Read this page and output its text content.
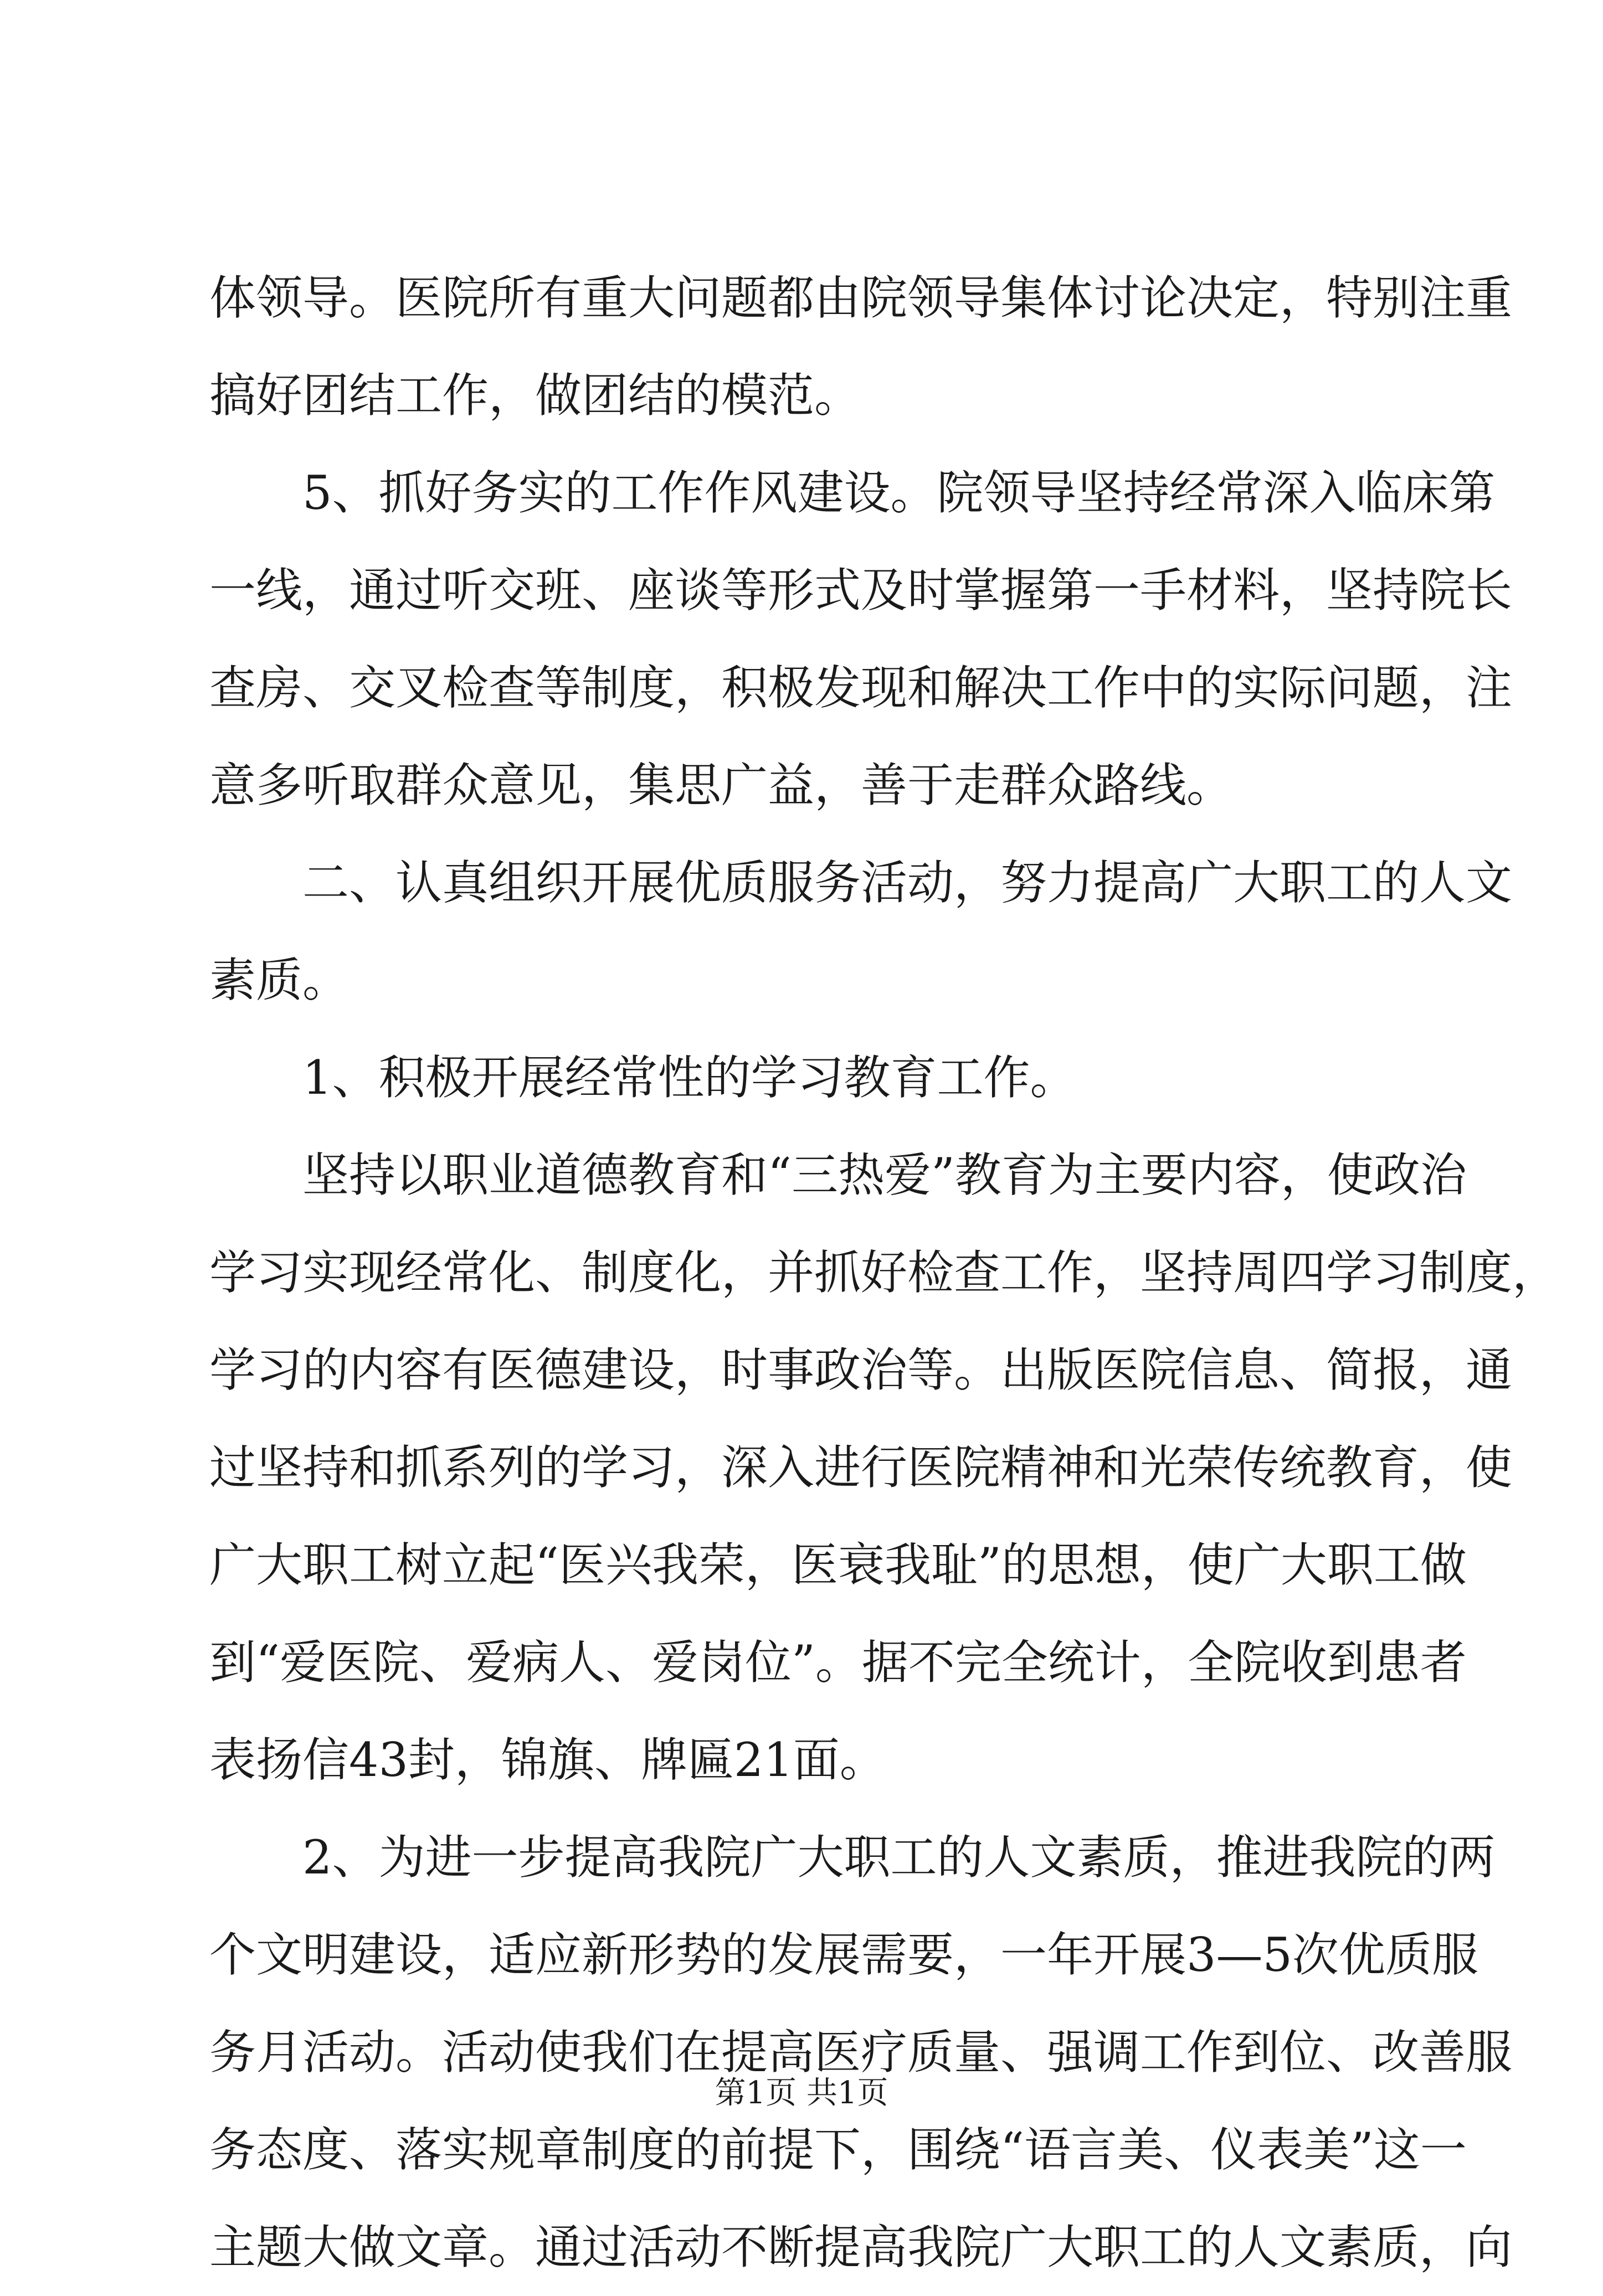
体领导。医院所有重大问题都由院领导集体讨论决定，特别注重
搞好团结工作，做团结的模范。
5、抓好务实的工作作风建设。院领导坚持经常深入临床第
一线，通过听交班、座谈等形式及时掌握第一手材料，坚持院长
查房、交叉检查等制度，积极发现和解决工作中的实际问题，注
意多听取群众意见，集思广益，善于走群众路线。
二、认真组织开展优质服务活动，努力提高广大职工的人文
素质。
1、积极开展经常性的学习教育工作。
坚持以职业道德教育和“三热爱”教育为主要内容，使政治
学习实现经常化、制度化，并抓好检查工作，坚持周四学习制度，
学习的内容有医德建设，时事政治等。出版医院信息、简报，通
过坚持和抓系列的学习，深入进行医院精神和光荣传统教育，使
广大职工树立起“医兴我荣，医衰我耻”的思想，使广大职工做
到“爱医院、爱病人、爱岗位”。据不完全统计，全院收到患者
表扬信43封，锦旗、牌匾21面。
2、为进一步提高我院广大职工的人文素质，推进我院的两
个文明建设，适应新形势的发展需要，一年开展3—5次优质服
务月活动。活动使我们在提高医疗质量、强调工作到位、改善服
务态度、落实规章制度的前提下，围绕“语言美、仪表美”这一
主题大做文章。通过活动不断提高我院广大职工的人文素质，向
第1页 共1页
